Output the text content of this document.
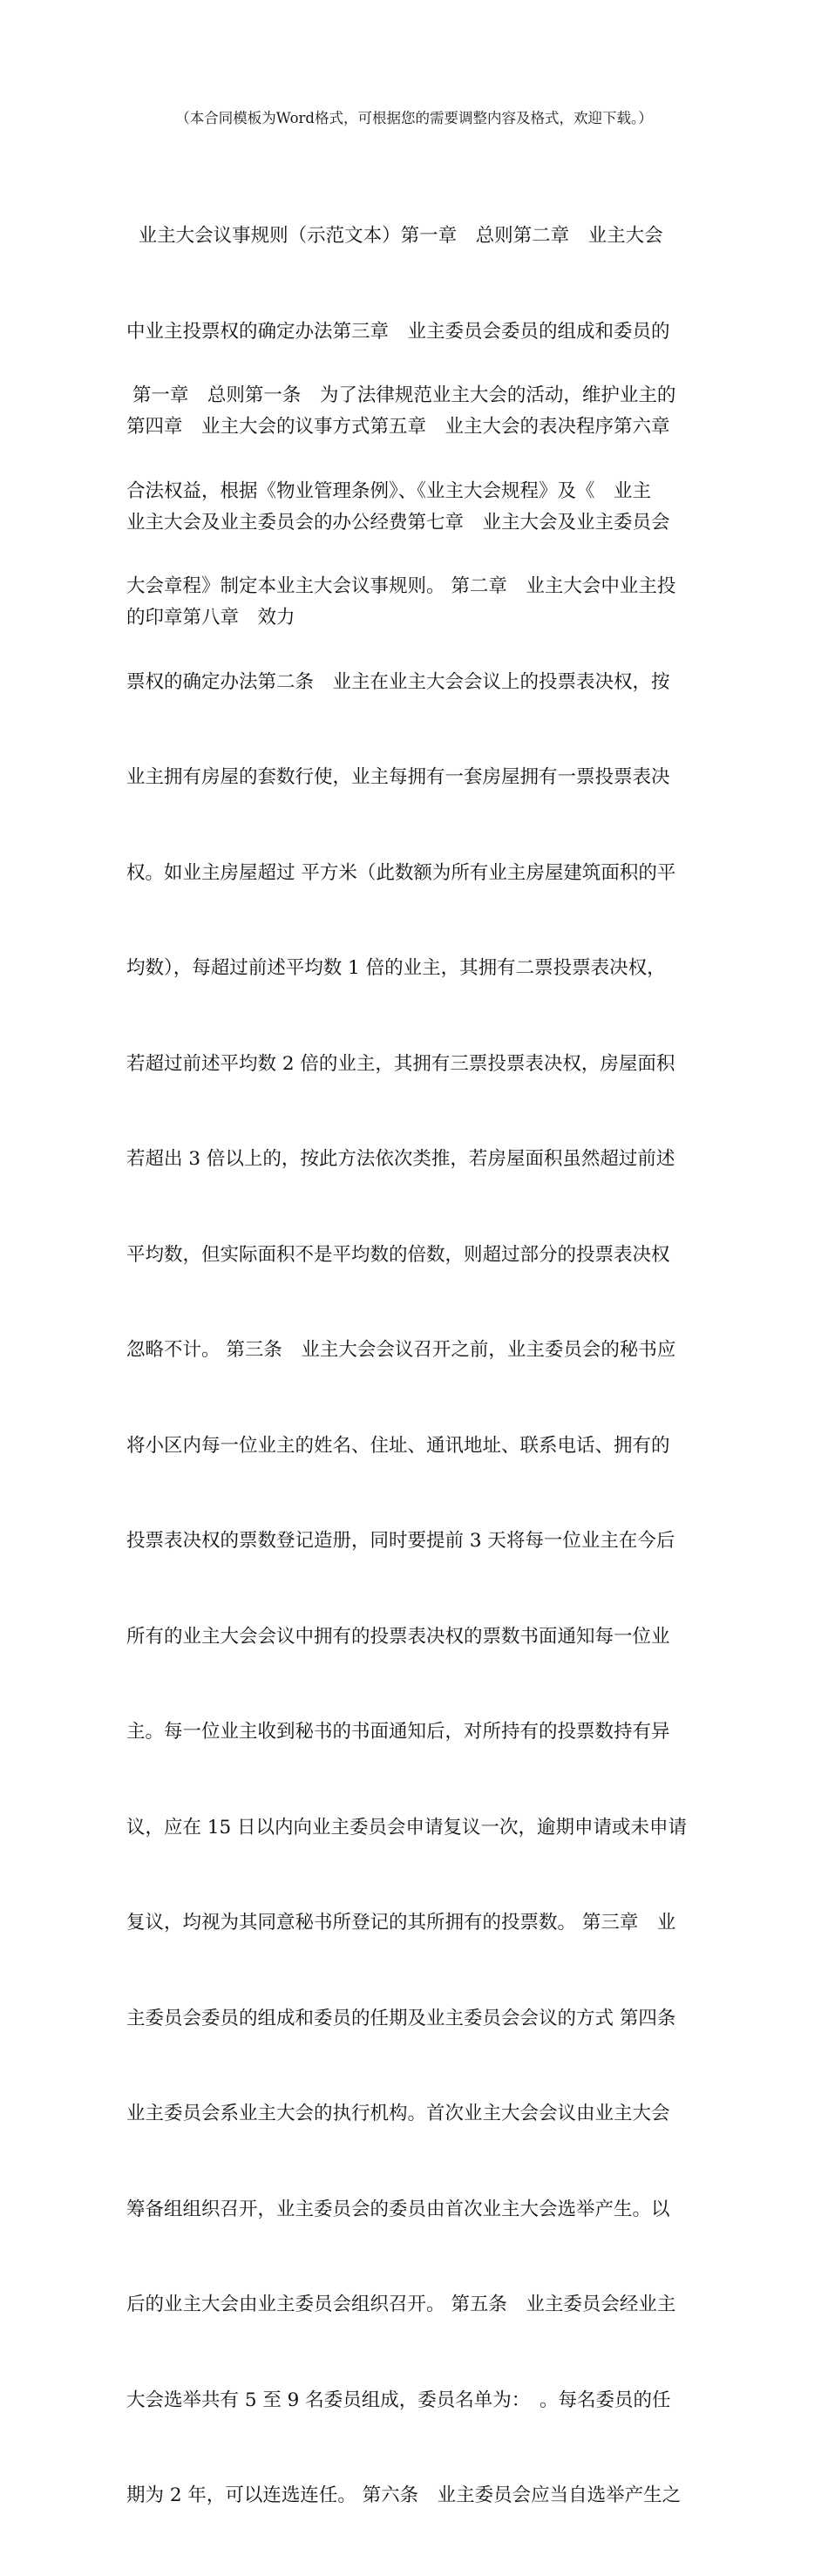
（本合同模板为Word格式，可根据您的需要调整内容及格式，欢迎下载。）

业主大会议事规则（示范文本）第一章　总则第二章　业主大会

中业主投票权的确定办法第三章　业主委员会委员的组成和委员的

第四章　业主大会的议事方式第五章　业主大会的表决程序第六章

业主大会及业主委员会的办公经费第七章　业主大会及业主委员会

的印章第八章　效力

第一章　总则第一条　为了法律规范业主大会的活动，维护业主的

合法权益，根据《物业管理条例》、《业主大会规程》及《　业主

大会章程》制定本业主大会议事规则。 第二章　业主大会中业主投

票权的确定办法第二条　业主在业主大会会议上的投票表决权，按

业主拥有房屋的套数行使，业主每拥有一套房屋拥有一票投票表决

权。如业主房屋超过 平方米（此数额为所有业主房屋建筑面积的平

均数），每超过前述平均数 1 倍的业主，其拥有二票投票表决权，

若超过前述平均数 2 倍的业主，其拥有三票投票表决权，房屋面积

若超出 3 倍以上的，按此方法依次类推，若房屋面积虽然超过前述

平均数，但实际面积不是平均数的倍数，则超过部分的投票表决权

忽略不计。 第三条　业主大会会议召开之前，业主委员会的秘书应

将小区内每一位业主的姓名、住址、通讯地址、联系电话、拥有的

投票表决权的票数登记造册，同时要提前 3 天将每一位业主在今后

所有的业主大会会议中拥有的投票表决权的票数书面通知每一位业

主。每一位业主收到秘书的书面通知后，对所持有的投票数持有异

议，应在 15 日以内向业主委员会申请复议一次，逾期申请或未申请

复议，均视为其同意秘书所登记的其所拥有的投票数。 第三章　业

主委员会委员的组成和委员的任期及业主委员会会议的方式 第四条

业主委员会系业主大会的执行机构。首次业主大会会议由业主大会

筹备组组织召开，业主委员会的委员由首次业主大会选举产生。以

后的业主大会由业主委员会组织召开。 第五条　业主委员会经业主

大会选举共有 5 至 9 名委员组成，委员名单为：　。每名委员的任

期为 2 年，可以连选连任。 第六条　业主委员会应当自选举产生之
